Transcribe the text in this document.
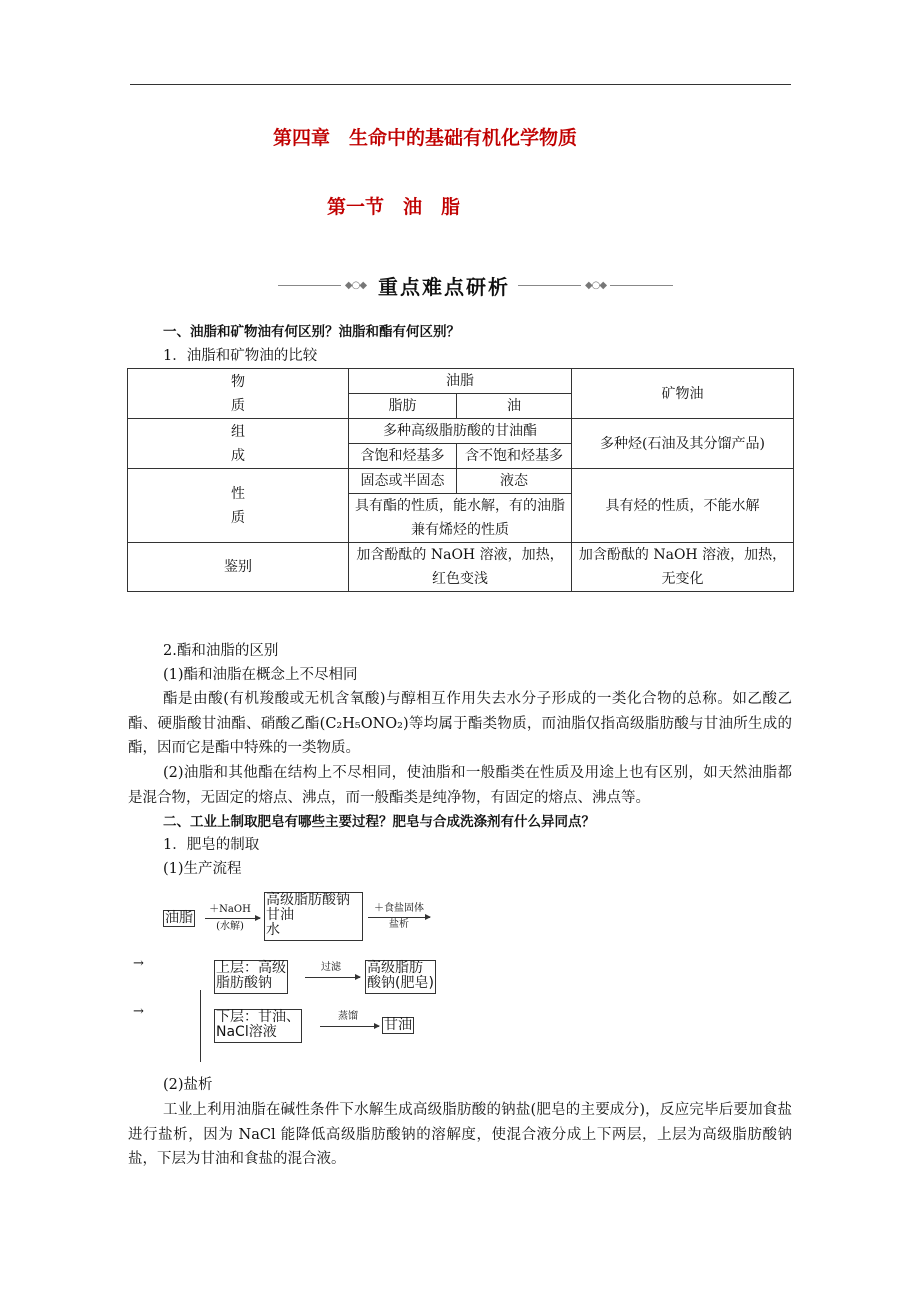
第四章　生命中的基础有机化学物质
第一节　油　脂
◆○◆ 重点难点研析	◆○◆
一、油脂和矿物油有何区别？油脂和酯有何区别？
1．油脂和矿物油的比较
物
质	油脂		矿物油
	脂肪	油	
组
成	多种高级脂肪酸的甘油酯		多种烃(石油及其分馏产品)
	含饱和烃基多	含不饱和烃基多	
性
质	固态或半固态	液态	具有烃的性质，不能水解
	具有酯的性质，能水解，有的油脂兼有烯烃的性质		
鉴别	加含酚酞的 NaOH 溶液，加热，红色变浅		加含酚酞的 NaOH 溶液，加热，无变化
2.酯和油脂的区别
(1)酯和油脂在概念上不尽相同
酯是由酸(有机羧酸或无机含氧酸)与醇相互作用失去水分子形成的一类化合物的总称。如乙酸乙酯、硬脂酸甘油酯、硝酸乙酯(C₂H₅ONO₂)等均属于酯类物质，而油脂仅指高级脂肪酸与甘油所生成的酯，因而它是酯中特殊的一类物质。
(2)油脂和其他酯在结构上不尽相同，使油脂和一般酯类在性质及用途上也有区别，如天然油脂都是混合物，无固定的熔点、沸点，而一般酯类是纯净物，有固定的熔点、沸点等。
二、工业上制取肥皂有哪些主要过程？肥皂与合成洗涤剂有什么异同点？
1．肥皂的制取
(1)生产流程
油脂
＋NaOH
(水解)
高级脂肪酸钠
甘油
水
＋食盐固体
盐析
→
→
上层：高级
脂肪酸钠
过滤	高级脂肪
酸钠(肥皂)
下层：甘油、
NaCl溶液
蒸馏
甘油
(2)盐析
工业上利用油脂在碱性条件下水解生成高级脂肪酸的钠盐(肥皂的主要成分)，反应完毕后要加食盐进行盐析，因为 NaCl 能降低高级脂肪酸钠的溶解度，使混合液分成上下两层，上层为高级脂肪酸钠盐，下层为甘油和食盐的混合液。
